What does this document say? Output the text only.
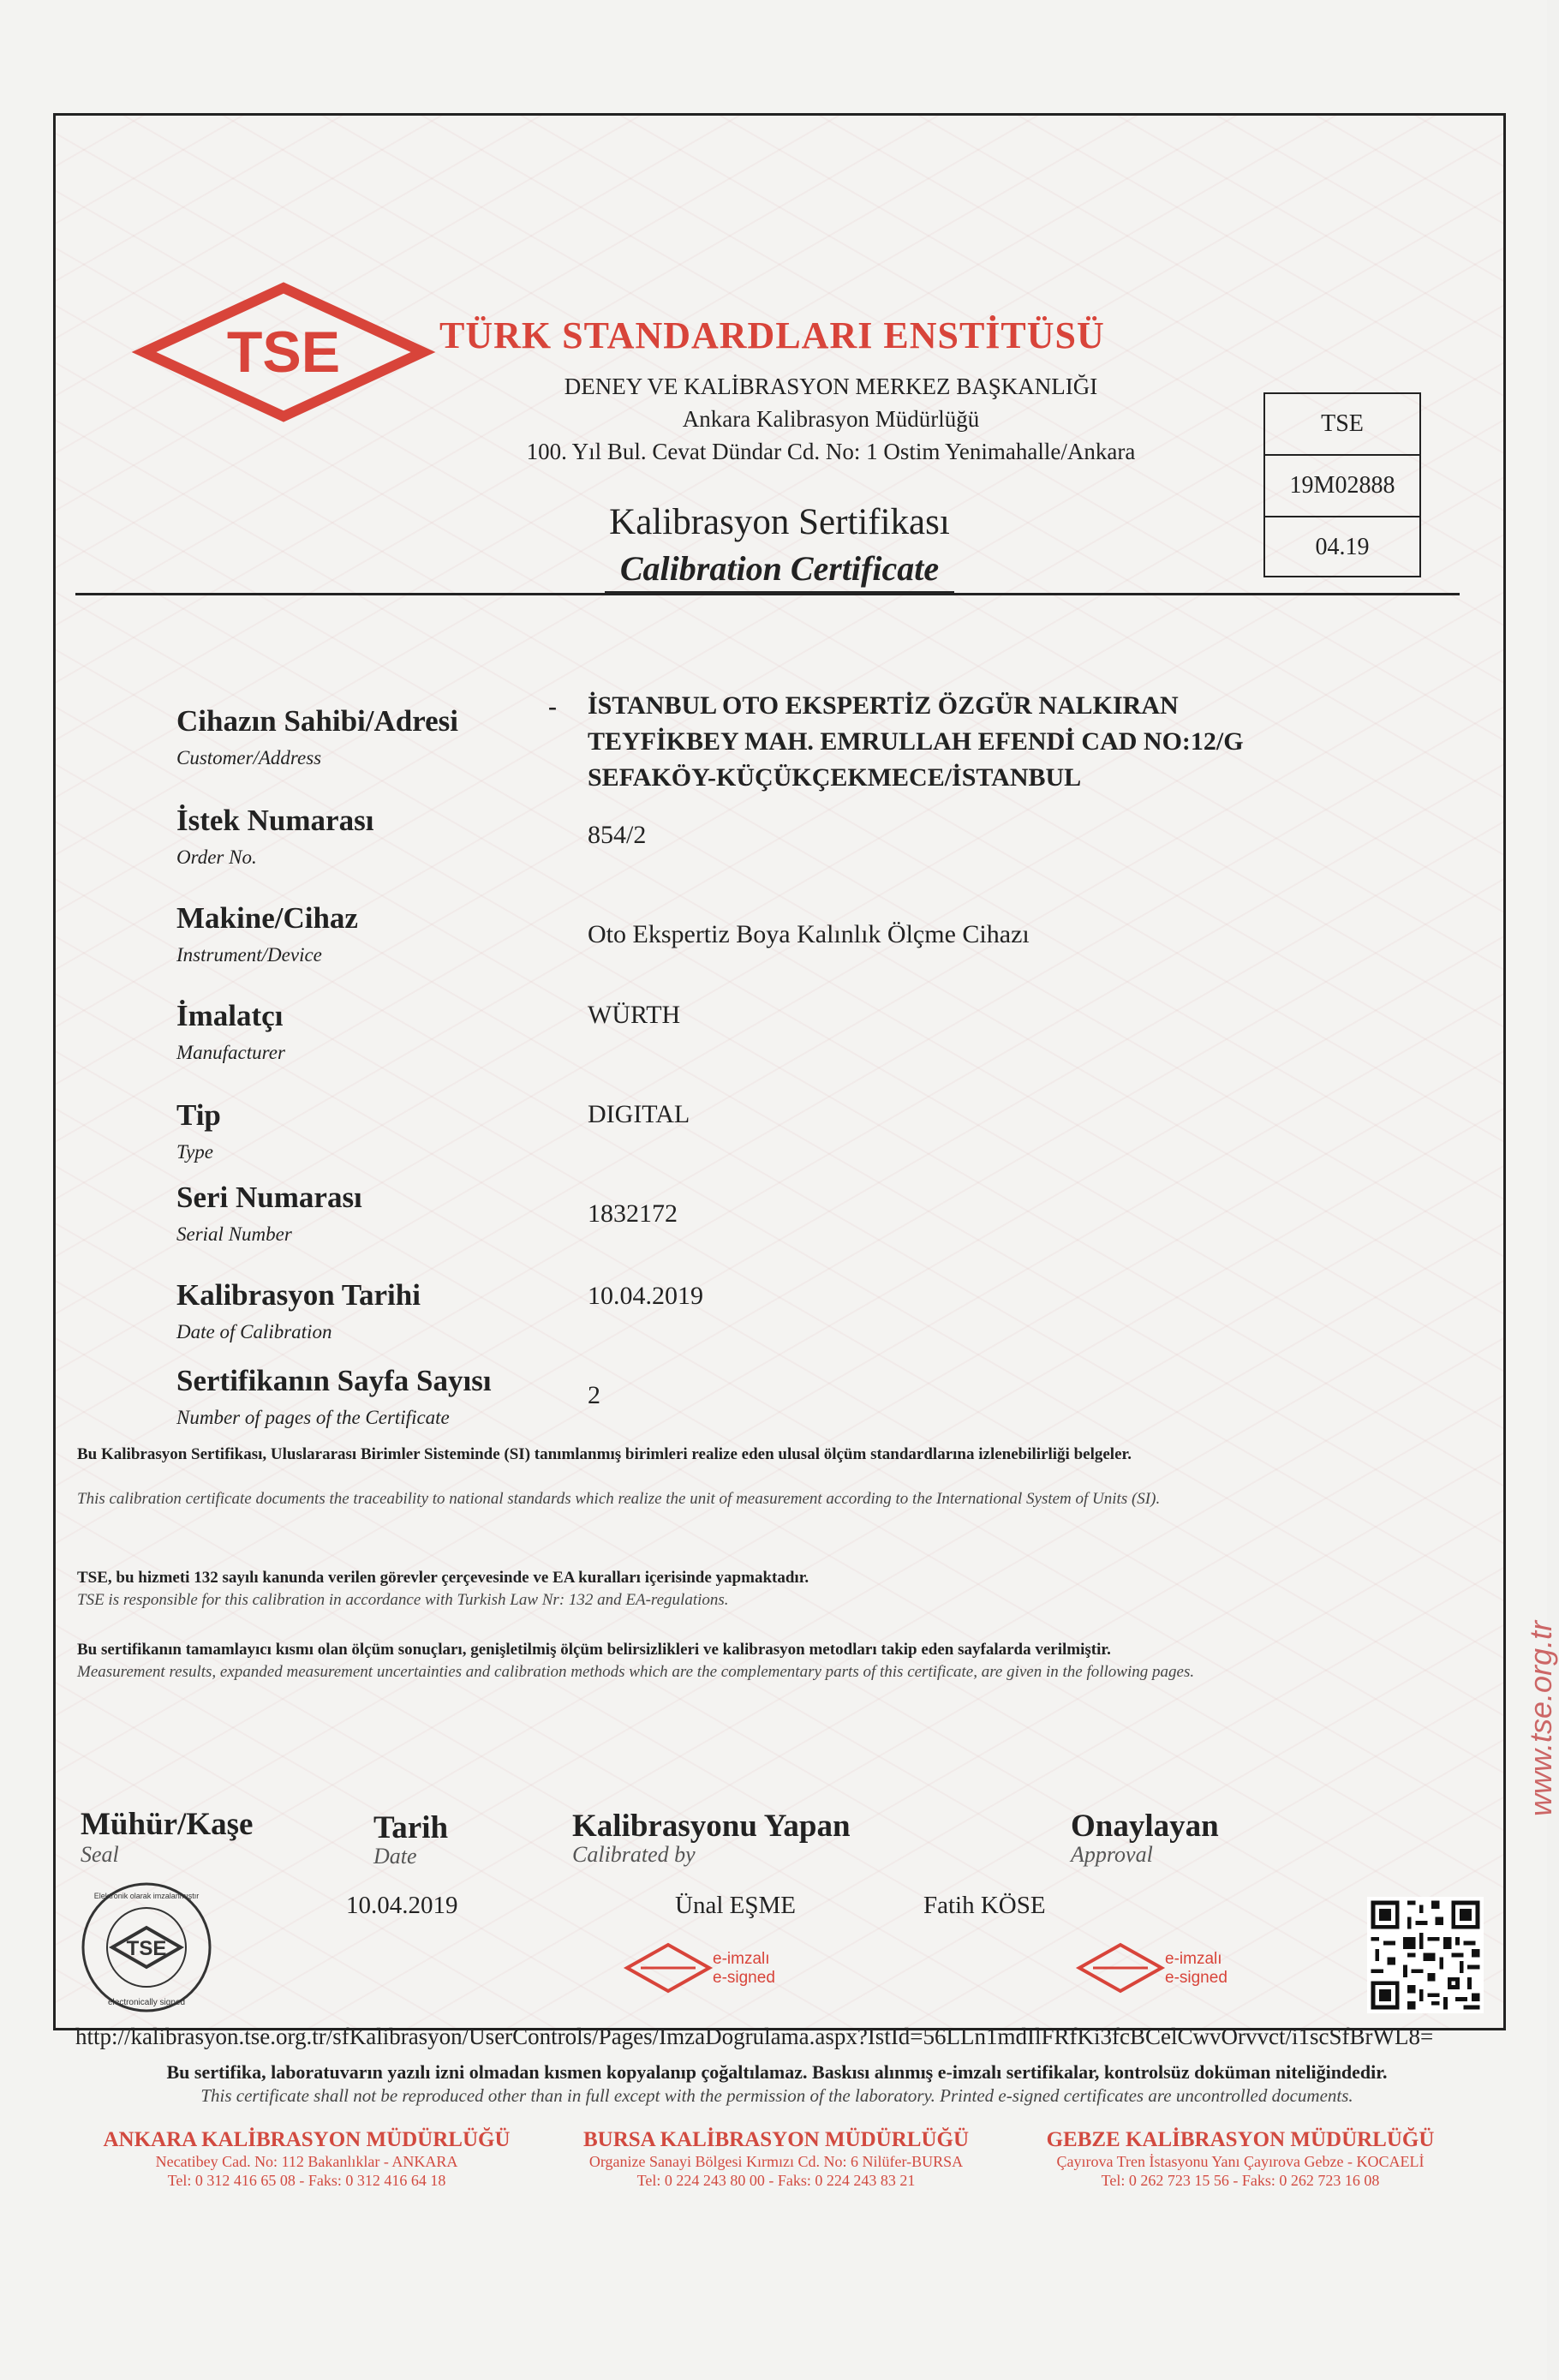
TSE	TÜRK STANDARDLARI ENSTİTÜSÜ
DENEY VE KALİBRASYON MERKEZ BAŞKANLIĞI
Ankara Kalibrasyon Müdürlüğü
100. Yıl Bul. Cevat Dündar Cd. No: 1 Ostim Yenimahalle/Ankara
Kalibrasyon Sertifikası
Calibration Certificate
TSE
19M02888
04.19
Cihazın Sahibi/Adresi
Customer/Address
- İSTANBUL OTO EKSPERTİZ ÖZGÜR NALKIRAN
TEYFİKBEY MAH. EMRULLAH EFENDİ CAD NO:12/G
SEFAKÖY-KÜÇÜKÇEKMECE/İSTANBUL
İstek Numarası
Order No.
854/2
Makine/Cihaz
Instrument/Device
Oto Ekspertiz Boya Kalınlık Ölçme Cihazı
İmalatçı
Manufacturer
WÜRTH
Tip
Type
DIGITAL
Seri Numarası
Serial Number
1832172
Kalibrasyon Tarihi
Date of Calibration
10.04.2019
Sertifikanın Sayfa Sayısı
Number of pages of the Certificate
2
Bu Kalibrasyon Sertifikası, Uluslararası Birimler Sisteminde (SI) tanımlanmış birimleri realize eden ulusal ölçüm standardlarına izlenebilirliği belgeler.
This calibration certificate documents the traceability to national standards which realize the unit of measurement according to the International System of Units (SI).
TSE, bu hizmeti 132 sayılı kanunda verilen görevler çerçevesinde ve EA kuralları içerisinde yapmaktadır.
TSE is responsible for this calibration in accordance with Turkish Law Nr: 132 and EA-regulations.
Bu sertifikanın tamamlayıcı kısmı olan ölçüm sonuçları, genişletilmiş ölçüm belirsizlikleri ve kalibrasyon metodları takip eden sayfalarda verilmiştir.
Measurement results, expanded measurement uncertainties and calibration methods which are the complementary parts of this certificate, are given in the following pages.
Mühür/Kaşe
Seal
Tarih
Date
10.04.2019
Kalibrasyonu Yapan
Calibrated by
Ünal EŞME
Onaylayan
Approval
Fatih KÖSE
TSE
Elektronik olarak imzalanmıştır
electronically signed
e-imzalı
e-signed
e-imzalı
e-signed
http://kalibrasyon.tse.org.tr/sfKalibrasyon/UserControls/Pages/ImzaDogrulama.aspx?IstId=56LLn1mdIlFRfKi3fcBCelCwvOrvvct/i1scSfBrWL8=
www.tse.org.tr
Bu sertifika, laboratuvarın yazılı izni olmadan kısmen kopyalanıp çoğaltılamaz. Baskısı alınmış e-imzalı sertifikalar, kontrolsüz doküman niteliğindedir.
This certificate shall not be reproduced other than in full except with the permission of the laboratory. Printed e-signed certificates are uncontrolled documents.
ANKARA KALİBRASYON MÜDÜRLÜĞÜ
Necatibey Cad. No: 112 Bakanlıklar - ANKARA
Tel: 0 312 416 65 08 - Faks: 0 312 416 64 18
BURSA KALİBRASYON MÜDÜRLÜĞÜ
Organize Sanayi Bölgesi Kırmızı Cd. No: 6 Nilüfer-BURSA
Tel: 0 224 243 80 00 - Faks: 0 224 243 83 21
GEBZE KALİBRASYON MÜDÜRLÜĞÜ
Çayırova Tren İstasyonu Yanı Çayırova Gebze - KOCAELİ
Tel: 0 262 723 15 56 - Faks: 0 262 723 16 08
